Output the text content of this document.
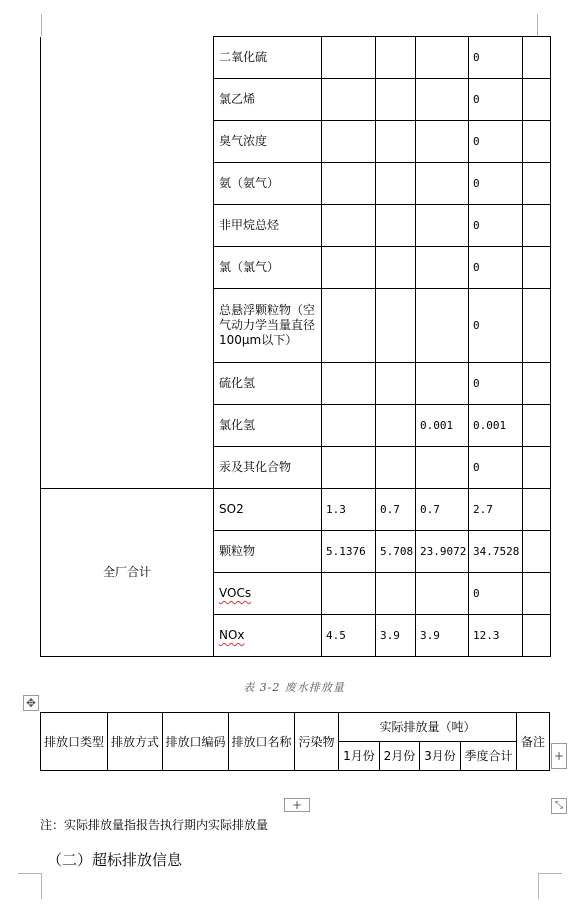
	二氧化硫				0	
	氯乙烯				0	
	臭气浓度				0	
	氨（氨气）				0	
	非甲烷总烃				0	
	氯（氯气）				0	
	总悬浮颗粒物（空气动力学当量直径100μm以下）				0	
	硫化氢				0	
	氯化氢			0.001	0.001	
	汞及其化合物				0	
全厂合计	SO2	1.3	0.7	0.7	2.7	
	颗粒物	5.1376	5.708	23.9072	34.7528	
	VOCs				0	
	NOx	4.5	3.9	3.9	12.3	
表 3-2 废水排放量
✥
排放口类型	排放方式	排放口编码	排放口名称	污染物	实际排放量（吨）				备注
					1月份	2月份	3月份	季度合计		+
+	⤡
注：实际排放量指报告执行期内实际排放量
（二）超标排放信息
